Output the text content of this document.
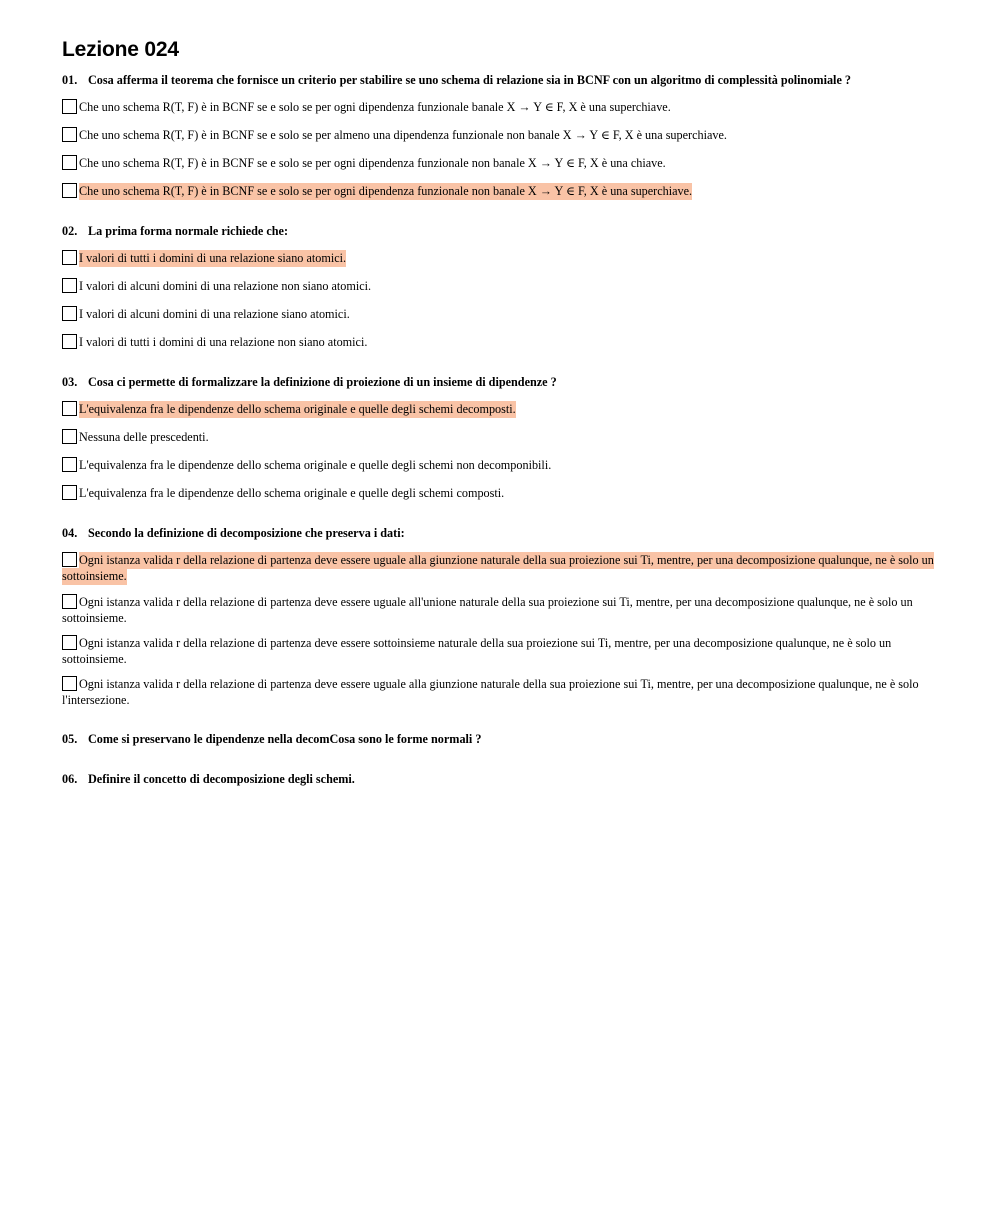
Lezione 024
01. Cosa afferma il teorema che fornisce un criterio per stabilire se uno schema di relazione sia in BCNF con un algoritmo di complessità polinomiale ?
Che uno schema R(T, F) è in BCNF se e solo se per ogni dipendenza funzionale banale X → Y ∈ F, X è una superchiave.
Che uno schema R(T, F) è in BCNF se e solo se per almeno una dipendenza funzionale non banale X → Y ∈ F, X è una superchiave.
Che uno schema R(T, F) è in BCNF se e solo se per ogni dipendenza funzionale non banale X → Y ∈ F, X è una chiave.
Che uno schema R(T, F) è in BCNF se e solo se per ogni dipendenza funzionale non banale X → Y ∈ F, X è una superchiave.
02. La prima forma normale richiede che:
I valori di tutti i domini di una relazione siano atomici.
I valori di alcuni domini di una relazione non siano atomici.
I valori di alcuni domini di una relazione siano atomici.
I valori di tutti i domini di una relazione non siano atomici.
03. Cosa ci permette di formalizzare la definizione di proiezione di un insieme di dipendenze ?
L'equivalenza fra le dipendenze dello schema originale e quelle degli schemi decomposti.
Nessuna delle prescedenti.
L'equivalenza fra le dipendenze dello schema originale e quelle degli schemi non decomponibili.
L'equivalenza fra le dipendenze dello schema originale e quelle degli schemi composti.
04. Secondo la definizione di decomposizione che preserva i dati:
Ogni istanza valida r della relazione di partenza deve essere uguale alla giunzione naturale della sua proiezione sui Ti, mentre, per una decomposizione qualunque, ne è solo un sottoinsieme.
Ogni istanza valida r della relazione di partenza deve essere uguale all'unione naturale della sua proiezione sui Ti, mentre, per una decomposizione qualunque, ne è solo un sottoinsieme.
Ogni istanza valida r della relazione di partenza deve essere sottoinsieme naturale della sua proiezione sui Ti, mentre, per una decomposizione qualunque, ne è solo un sottoinsieme.
Ogni istanza valida r della relazione di partenza deve essere uguale alla giunzione naturale della sua proiezione sui Ti, mentre, per una decomposizione qualunque, ne è solo l'intersezione.
05. Come si preservano le dipendenze nella decomCosa sono le forme normali ?
06. Definire il concetto di decomposizione degli schemi.
